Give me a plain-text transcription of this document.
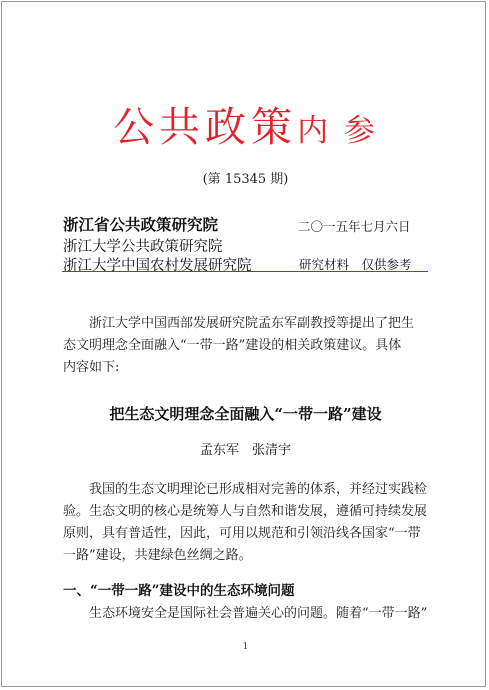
公共政策内 参
(第 15345 期)
浙江省公共政策研究院
浙江大学公共政策研究院
浙江大学中国农村发展研究院
二〇一五年七月六日
研究材料　仅供参考
浙江大学中国西部发展研究院孟东军副教授等提出了把生
态文明理念全面融入“一带一路”建设的相关政策建议。具体
内容如下:
把生态文明理念全面融入“一带一路”建设
孟东军　张清宇
我国的生态文明理论已形成相对完善的体系，并经过实践检
验。生态文明的核心是统筹人与自然和谐发展，遵循可持续发展
原则，具有普适性，因此，可用以规范和引领沿线各国家“一带
一路”建设，共建绿色丝绸之路。
一、“一带一路”建设中的生态环境问题
生态环境安全是国际社会普遍关心的问题。随着“一带一路”
1
